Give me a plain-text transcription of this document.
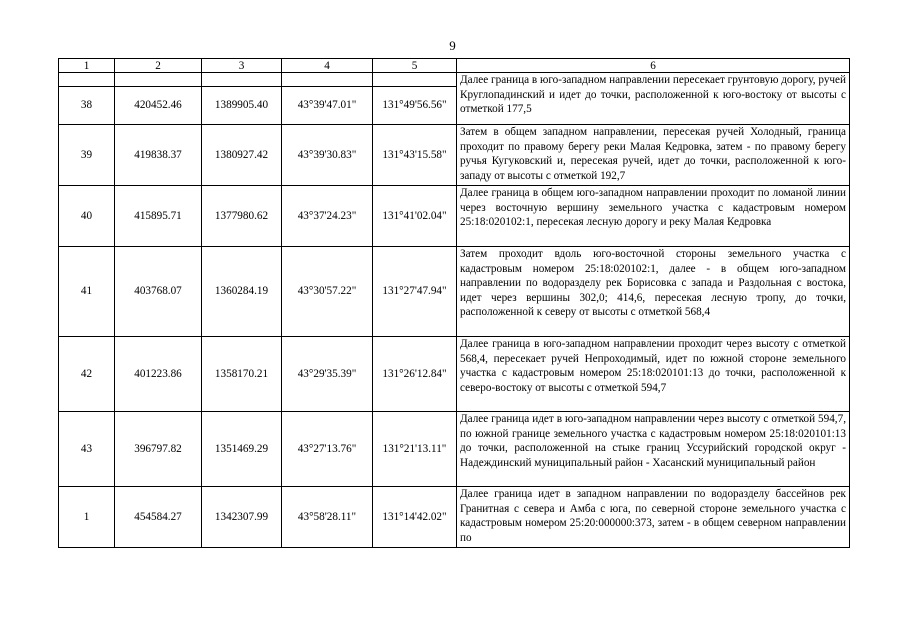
9
1	2	3	4	5	6
					Далее граница в юго-западном направлении пересекает грунтовую дорогу, ручей Круглопадинский и идет до точки, расположенной к юго-востоку от высоты с отметкой 177,5
38	420452.46	1389905.40	43°39'47.01"	131°49'56.56"	
39	419838.37	1380927.42	43°39'30.83"	131°43'15.58"	Затем в общем западном направлении, пересекая ручей Холодный, граница проходит по правому берегу реки Малая Кедровка, затем - по правому берегу ручья Кугуковский и, пересекая ручей, идет до точки, расположенной к юго-западу от высоты с отметкой 192,7
40	415895.71	1377980.62	43°37'24.23"	131°41'02.04"	Далее граница в общем юго-западном направлении проходит по ломаной линии через восточную вершину земельного участка с кадастровым номером 25:18:020102:1, пересекая лесную дорогу и реку Малая Кедровка
41	403768.07	1360284.19	43°30'57.22"	131°27'47.94"	Затем проходит вдоль юго-восточной стороны земельного участка с кадастровым номером 25:18:020102:1, далее - в общем юго-западном направлении по водоразделу рек Борисовка с запада и Раздольная с востока, идет через вершины 302,0; 414,6, пересекая лесную тропу, до точки, расположенной к северу от высоты с отметкой 568,4
42	401223.86	1358170.21	43°29'35.39"	131°26'12.84"	Далее граница в юго-западном направлении проходит через высоту с отметкой 568,4, пересекает ручей Непроходимый, идет по южной стороне земельного участка с кадастровым номером 25:18:020101:13 до точки, расположенной к северо-востоку от высоты с отметкой 594,7
43	396797.82	1351469.29	43°27'13.76"	131°21'13.11"	Далее граница идет в юго-западном направлении через высоту с отметкой 594,7, по южной границе земельного участка с кадастровым номером 25:18:020101:13 до точки, расположенной на стыке границ Уссурийский городской округ - Надеждинский муниципальный район - Хасанский муниципальный район
1	454584.27	1342307.99	43°58'28.11"	131°14'42.02"	Далее граница идет в западном направлении по водоразделу бассейнов рек Гранитная с севера и Амба с юга, по северной стороне земельного участка с кадастровым номером 25:20:000000:373, затем - в общем северном направлении по
